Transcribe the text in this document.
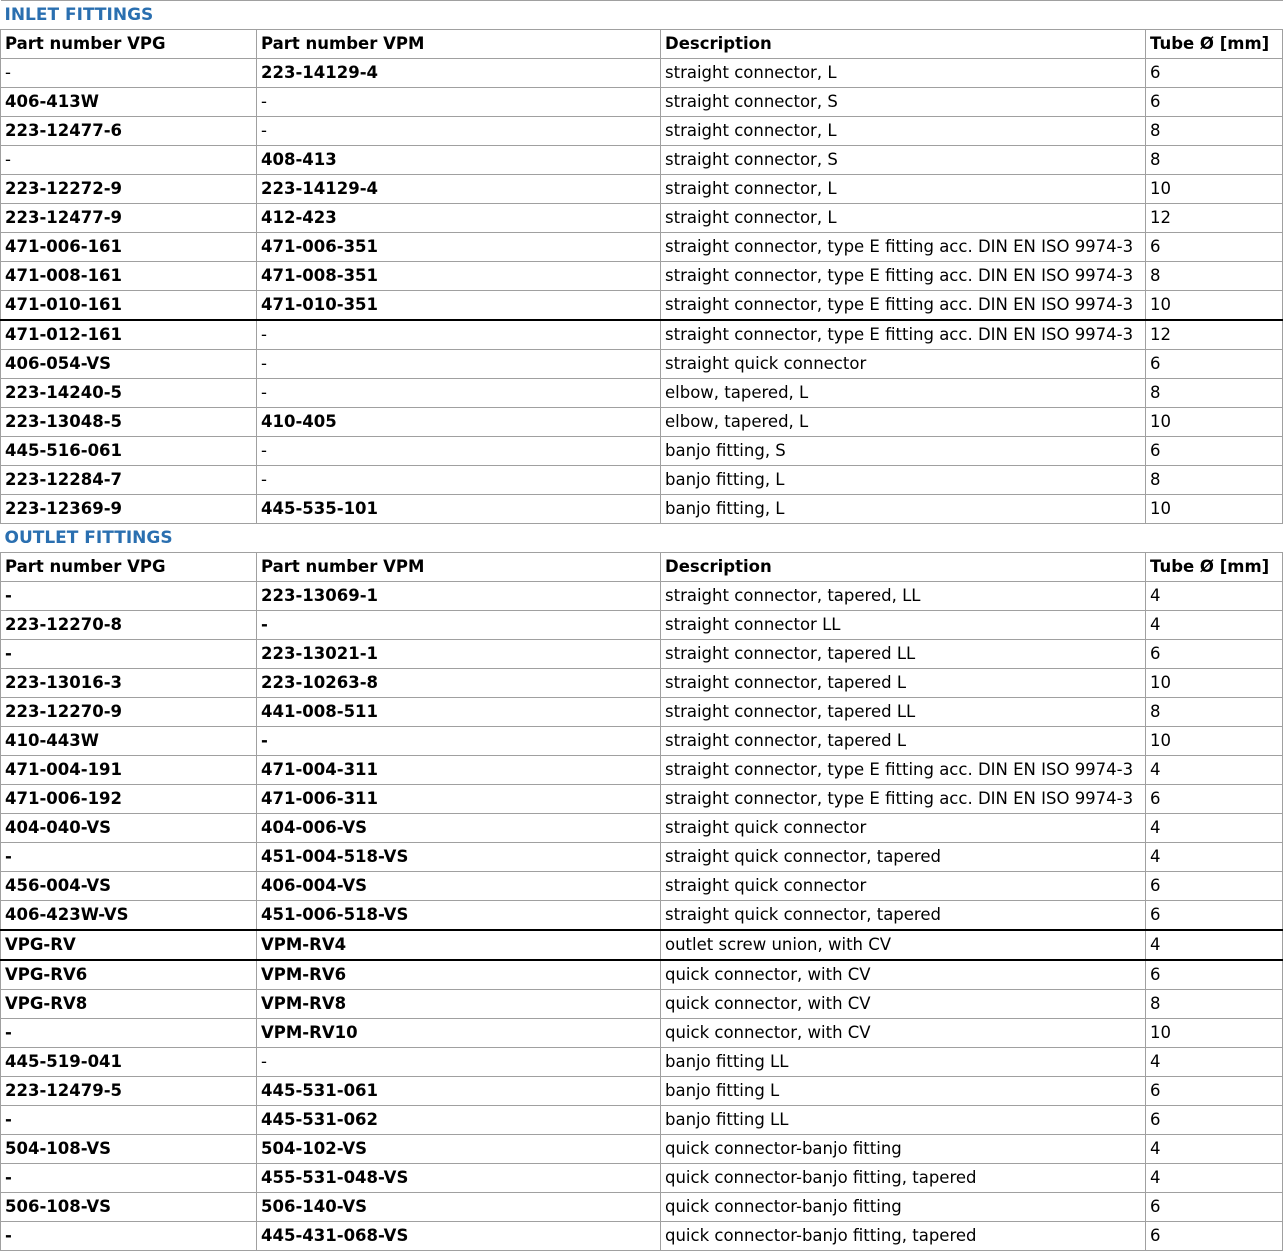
INLET FITTINGS			
Part number VPG	Part number VPM	Description	Tube Ø [mm]
-	223-14129-4	straight connector, L	6
406-413W	-	straight connector, S	6
223-12477-6	-	straight connector, L	8
-	408-413	straight connector, S	8
223-12272-9	223-14129-4	straight connector, L	10
223-12477-9	412-423	straight connector, L	12
471-006-161	471-006-351	straight connector, type E fitting acc. DIN EN ISO 9974-3	6
471-008-161	471-008-351	straight connector, type E fitting acc. DIN EN ISO 9974-3	8
471-010-161	471-010-351	straight connector, type E fitting acc. DIN EN ISO 9974-3	10
471-012-161	-	straight connector, type E fitting acc. DIN EN ISO 9974-3	12
406-054-VS	-	straight quick connector	6
223-14240-5	-	elbow, tapered, L	8
223-13048-5	410-405	elbow, tapered, L	10
445-516-061	-	banjo fitting, S	6
223-12284-7	-	banjo fitting, L	8
223-12369-9	445-535-101	banjo fitting, L	10
OUTLET FITTINGS			
Part number VPG	Part number VPM	Description	Tube Ø [mm]
-	223-13069-1	straight connector, tapered, LL	4
223-12270-8	-	straight connector LL	4
-	223-13021-1	straight connector, tapered LL	6
223-13016-3	223-10263-8	straight connector, tapered L	10
223-12270-9	441-008-511	straight connector, tapered LL	8
410-443W	-	straight connector, tapered L	10
471-004-191	471-004-311	straight connector, type E fitting acc. DIN EN ISO 9974-3	4
471-006-192	471-006-311	straight connector, type E fitting acc. DIN EN ISO 9974-3	6
404-040-VS	404-006-VS	straight quick connector	4
-	451-004-518-VS	straight quick connector, tapered	4
456-004-VS	406-004-VS	straight quick connector	6
406-423W-VS	451-006-518-VS	straight quick connector, tapered	6
VPG-RV	VPM-RV4	outlet screw union, with CV	4
VPG-RV6	VPM-RV6	quick connector, with CV	6
VPG-RV8	VPM-RV8	quick connector, with CV	8
-	VPM-RV10	quick connector, with CV	10
445-519-041	-	banjo fitting LL	4
223-12479-5	445-531-061	banjo fitting L	6
-	445-531-062	banjo fitting LL	6
504-108-VS	504-102-VS	quick connector-banjo fitting	4
-	455-531-048-VS	quick connector-banjo fitting, tapered	4
506-108-VS	506-140-VS	quick connector-banjo fitting	6
-	445-431-068-VS	quick connector-banjo fitting, tapered	6
